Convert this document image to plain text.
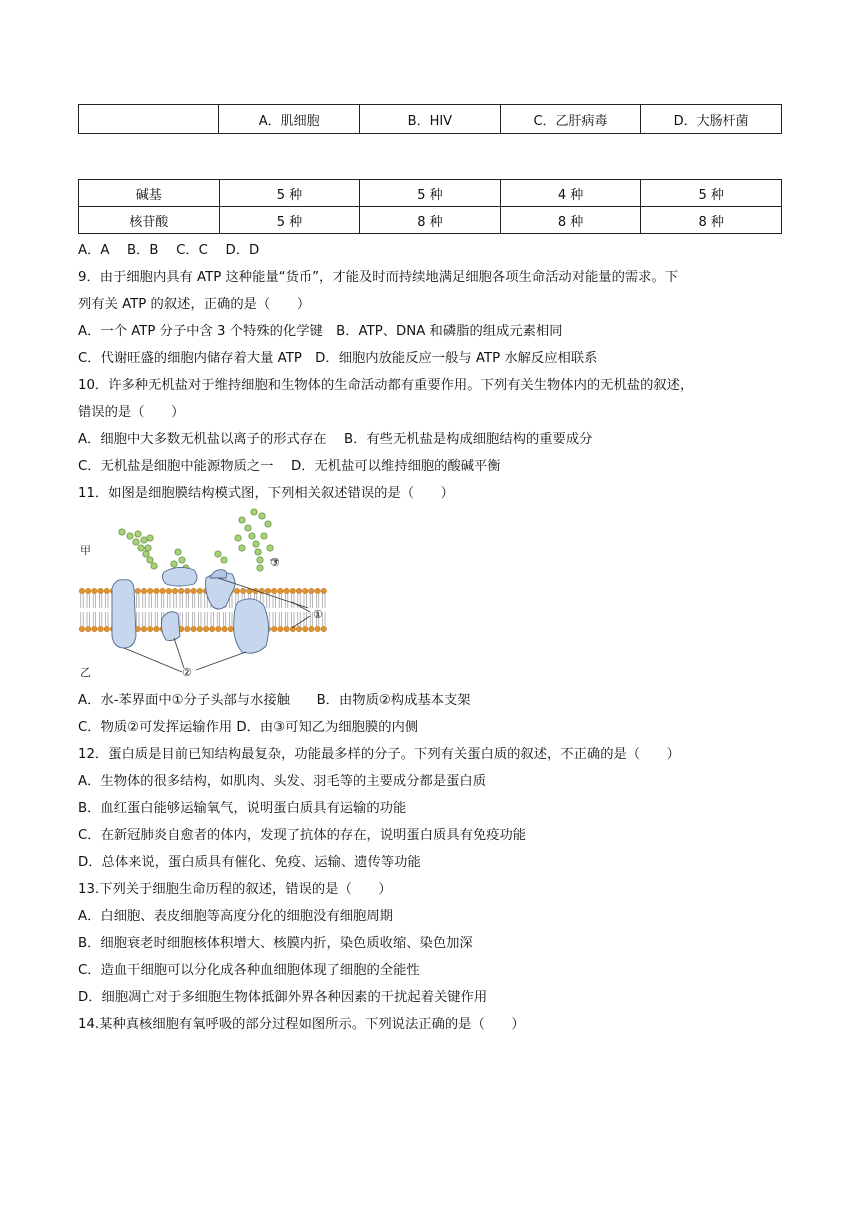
	A．肌细胞	B．HIV	C．乙肝病毒	D．大肠杆菌
碱基	5 种	5 种	4 种	5 种
核苷酸	5 种	8 种	8 种	8 种
A．A　 B．B　 C．C　 D．D
9．由于细胞内具有 ATP 这种能量“货币”，才能及时而持续地满足细胞各项生命活动对能量的需求。下
列有关 ATP 的叙述，正确的是（　　）
A．一个 ATP 分子中含 3 个特殊的化学键　B．ATP、DNA 和磷脂的组成元素相同
C．代谢旺盛的细胞内储存着大量 ATP　D．细胞内放能反应一般与 ATP 水解反应相联系
10．许多种无机盐对于维持细胞和生物体的生命活动都有重要作用。下列有关生物体内的无机盐的叙述，
错误的是（　　）
A．细胞中大多数无机盐以离子的形式存在　 B．有些无机盐是构成细胞结构的重要成分
C．无机盐是细胞中能源物质之一　 D．无机盐可以维持细胞的酸碱平衡
11．如图是细胞膜结构模式图，下列相关叙述错误的是（　　）
甲
乙
③
①
②
A．水-苯界面中①分子头部与水接触　　B．由物质②构成基本支架
C．物质②可发挥运输作用 D．由③可知乙为细胞膜的内侧
12．蛋白质是目前已知结构最复杂，功能最多样的分子。下列有关蛋白质的叙述，不正确的是（　　）
A．生物体的很多结构，如肌肉、头发、羽毛等的主要成分都是蛋白质
B．血红蛋白能够运输氧气，说明蛋白质具有运输的功能
C．在新冠肺炎自愈者的体内，发现了抗体的存在，说明蛋白质具有免疫功能
D．总体来说，蛋白质具有催化、免疫、运输、遗传等功能
13.下列关于细胞生命历程的叙述，错误的是（　　）
A．白细胞、表皮细胞等高度分化的细胞没有细胞周期
B．细胞衰老时细胞核体积增大、核膜内折，染色质收缩、染色加深
C．造血干细胞可以分化成各种血细胞体现了细胞的全能性
D．细胞凋亡对于多细胞生物体抵御外界各种因素的干扰起着关键作用
14.某种真核细胞有氧呼吸的部分过程如图所示。下列说法正确的是（　　）
